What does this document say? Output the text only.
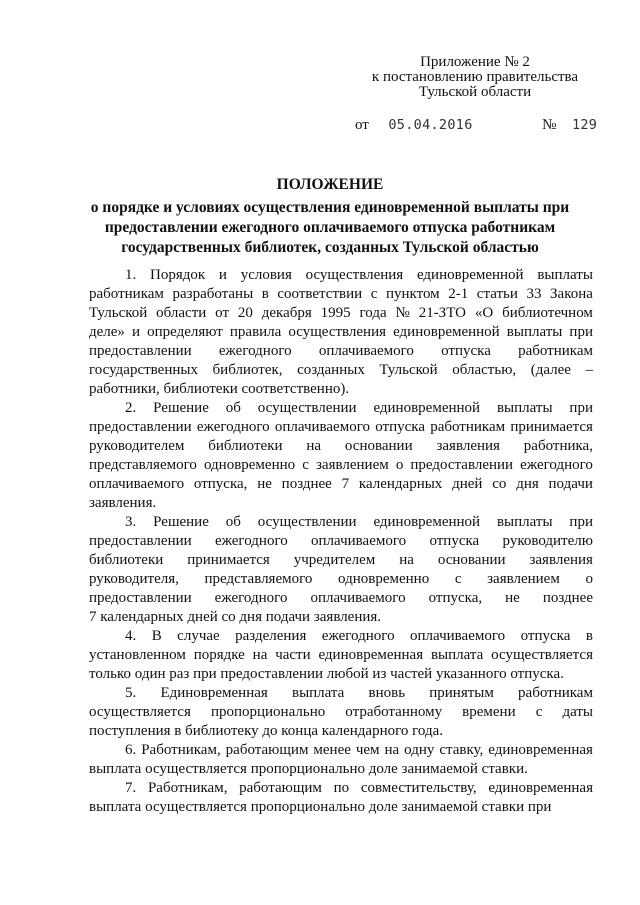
Приложение № 2
к постановлению правительства
Тульской области
от 05.04.2016	№ 129
ПОЛОЖЕНИЕ
о порядке и условиях осуществления единовременной выплаты при
предоставлении ежегодного оплачиваемого отпуска работникам
государственных библиотек, созданных Тульской областью
1. Порядок и условия осуществления единовременной выплаты
работникам разработаны в соответствии с пунктом 2-1 статьи 33 Закона
Тульской области от 20 декабря 1995 года № 21-ЗТО «О библиотечном
деле» и определяют правила осуществления единовременной выплаты при
предоставлении ежегодного оплачиваемого отпуска работникам
государственных библиотек, созданных Тульской областью, (далее –
работники, библиотеки соответственно).
2. Решение об осуществлении единовременной выплаты при
предоставлении ежегодного оплачиваемого отпуска работникам принимается
руководителем библиотеки на основании заявления работника,
представляемого одновременно с заявлением о предоставлении ежегодного
оплачиваемого отпуска, не позднее 7 календарных дней со дня подачи
заявления.
3. Решение об осуществлении единовременной выплаты при
предоставлении ежегодного оплачиваемого отпуска руководителю
библиотеки принимается учредителем на основании заявления
руководителя, представляемого одновременно с заявлением о
предоставлении ежегодного оплачиваемого отпуска, не позднее
7 календарных дней со дня подачи заявления.
4. В случае разделения ежегодного оплачиваемого отпуска в
установленном порядке на части единовременная выплата осуществляется
только один раз при предоставлении любой из частей указанного отпуска.
5. Единовременная выплата вновь принятым работникам
осуществляется пропорционально отработанному времени с даты
поступления в библиотеку до конца календарного года.
6. Работникам, работающим менее чем на одну ставку, единовременная
выплата осуществляется пропорционально доле занимаемой ставки.
7. Работникам, работающим по совместительству, единовременная
выплата осуществляется пропорционально доле занимаемой ставки при
